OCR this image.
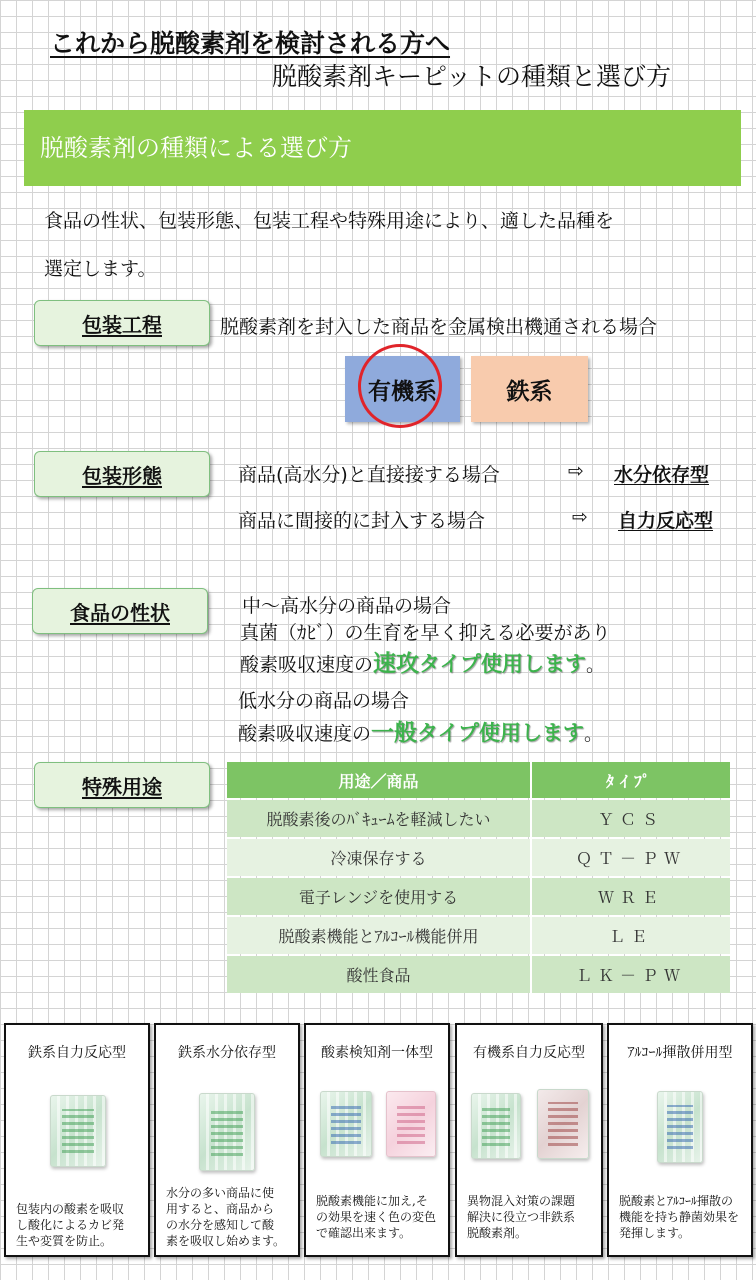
これから脱酸素剤を検討される方へ
脱酸素剤キーピットの種類と選び方
脱酸素剤の種類による選び方
食品の性状、包装形態、包装工程や特殊用途により、適した品種を
選定します。
包装工程	脱酸素剤を封入した商品を金属検出機通される場合
有機系	鉄系
包装形態	商品(高水分)と直接接する場合	⇨ 水分依存型
商品に間接的に封入する場合	⇨ 自力反応型
食品の性状	中～高水分の商品の場合
真菌（ｶﾋﾞ）の生育を早く抑える必要があり
酸素吸収速度の速攻タイプ使用します。
低水分の商品の場合
酸素吸収速度の一般タイプ使用します。
特殊用途	用途／商品	ﾀｲﾌﾟ
脱酸素後のﾊﾞｷｭｰﾑを軽減したい	ＹＣＳ
冷凍保存する	ＱＴ－ＰＷ
電子レンジを使用する	ＷＲＥ
脱酸素機能とｱﾙｺｰﾙ機能併用	ＬＥ
酸性食品	ＬＫ－ＰＷ
鉄系自力反応型
包装内の酸素を吸収
し酸化によるカビ発
生や変質を防止。
鉄系水分依存型
水分の多い商品に使
用すると、商品から
の水分を感知して酸
素を吸収し始めます。
酸素検知剤一体型
脱酸素機能に加え,そ
の効果を速く色の変色
で確認出来ます。
有機系自力反応型
異物混入対策の課題
解決に役立つ非鉄系
脱酸素剤。
ｱﾙｺｰﾙ揮散併用型
脱酸素とｱﾙｺｰﾙ揮散の
機能を持ち静菌効果を
発揮します。
